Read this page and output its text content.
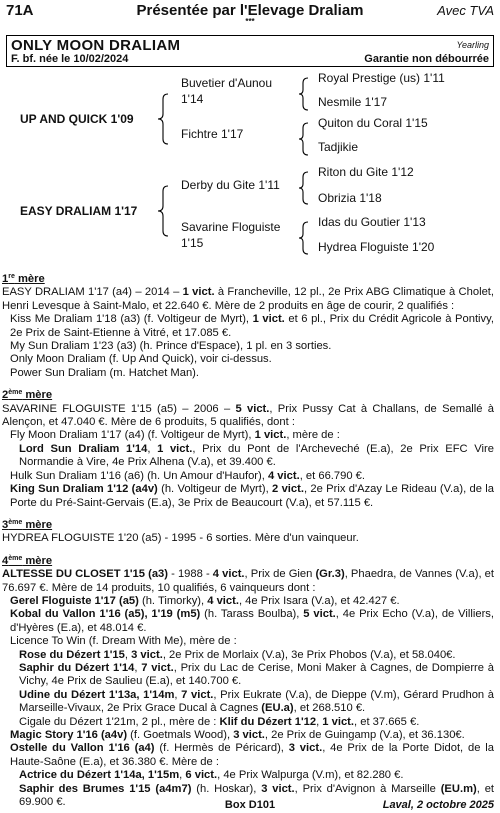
71A	Présentée par l'Elevage Draliam
***
Avec TVA
ONLY MOON DRALIAM	Yearling
F. bf. née le 10/02/2024	Garantie non débourrée
UP AND QUICK 1'09
EASY DRALIAM 1'17
Buvetier d'Aunou
1'14
Fichtre 1'17
Derby du Gite 1'11
Savarine Floguiste
1'15
Royal Prestige (us) 1'11
Nesmile 1'17
Quiton du Coral 1'15
Tadjikie
Riton du Gite 1'12
Obrizia 1'18
Idas du Goutier 1'13
Hydrea Floguiste 1'20
1re mère
EASY DRALIAM 1'17 (a4) – 2014 – 1 vict. à Francheville, 12 pl., 2e Prix ABG Climatique à Cholet, Henri Levesque à Saint-Malo, et 22.640 €. Mère de 2 produits en âge de courir, 2 qualifiés :
Kiss Me Draliam 1'18 (a3) (f. Voltigeur de Myrt), 1 vict. et 6 pl., Prix du Crédit Agricole à Pontivy, 2e Prix de Saint-Etienne à Vitré, et 17.085 €.
My Sun Draliam 1'23 (a3) (h. Prince d'Espace), 1 pl. en 3 sorties.
Only Moon Draliam (f. Up And Quick), voir ci-dessus.
Power Sun Draliam (m. Hatchet Man).
2ème mère
SAVARINE FLOGUISTE 1'15 (a5) – 2006 – 5 vict., Prix Pussy Cat à Challans, de Semallé à Alençon, et 47.040 €. Mère de 6 produits, 5 qualifiés, dont :
Fly Moon Draliam 1'17 (a4) (f. Voltigeur de Myrt), 1 vict., mère de :
Lord Sun Draliam 1'14, 1 vict., Prix du Pont de l'Archeveché (E.a), 2e Prix EFC Vire Normandie à Vire, 4e Prix Alhena (V.a), et 39.400 €.
Hulk Sun Draliam 1'16 (a6) (h. Un Amour d'Haufor), 4 vict., et 66.790 €.
King Sun Draliam 1'12 (a4v) (h. Voltigeur de Myrt), 2 vict., 2e Prix d'Azay Le Rideau (V.a), de la Porte du Pré-Saint-Gervais (E.a), 3e Prix de Beaucourt (V.a), et 57.115 €.
3ème mère
HYDREA FLOGUISTE 1'20 (a5) - 1995 - 6 sorties. Mère d'un vainqueur.
4ème mère
ALTESSE DU CLOSET 1'15 (a3) - 1988 - 4 vict., Prix de Gien (Gr.3), Phaedra, de Vannes (V.a), et 76.697 €. Mère de 14 produits, 10 qualifiés, 6 vainqueurs dont :
Gerel Floguiste 1'17 (a5) (h. Timorky), 4 vict., 4e Prix Isara (V.a), et 42.427 €.
Kobal du Vallon 1'16 (a5), 1'19 (m5) (h. Tarass Boulba), 5 vict., 4e Prix Echo (V.a), de Villiers, d'Hyères (E.a), et 48.014 €.
Licence To Win (f. Dream With Me), mère de :
Rose du Dézert 1'15, 3 vict., 2e Prix de Morlaix (V.a), 3e Prix Phobos (V.a), et 58.040€.
Saphir du Dézert 1'14, 7 vict., Prix du Lac de Cerise, Moni Maker à Cagnes, de Dompierre à Vichy, 4e Prix de Saulieu (E.a), et 140.700 €.
Udine du Dézert 1'13a, 1'14m, 7 vict., Prix Eukrate (V.a), de Dieppe (V.m), Gérard Prudhon à Marseille-Vivaux, 2e Prix Grace Ducal à Cagnes (EU.a), et 268.510 €.
Cigale du Dézert 1'21m, 2 pl., mère de : Klif du Dézert 1'12, 1 vict., et 37.665 €.
Magic Story 1'16 (a4v) (f. Goetmals Wood), 3 vict., 2e Prix de Guingamp (V.a), et 36.130€.
Ostelle du Vallon 1'16 (a4) (f. Hermès de Péricard), 3 vict., 4e Prix de la Porte Didot, de la Haute-Saône (E.a), et 36.380 €. Mère de :
Actrice du Dézert 1'14a, 1'15m, 6 vict., 4e Prix Walpurga (V.m), et 82.280 €.
Saphir des Brumes 1'15 (a4m7) (h. Hoskar), 3 vict., Prix d'Avignon à Marseille (EU.m), et 69.900 €.	Box D101	Laval, 2 octobre 2025
